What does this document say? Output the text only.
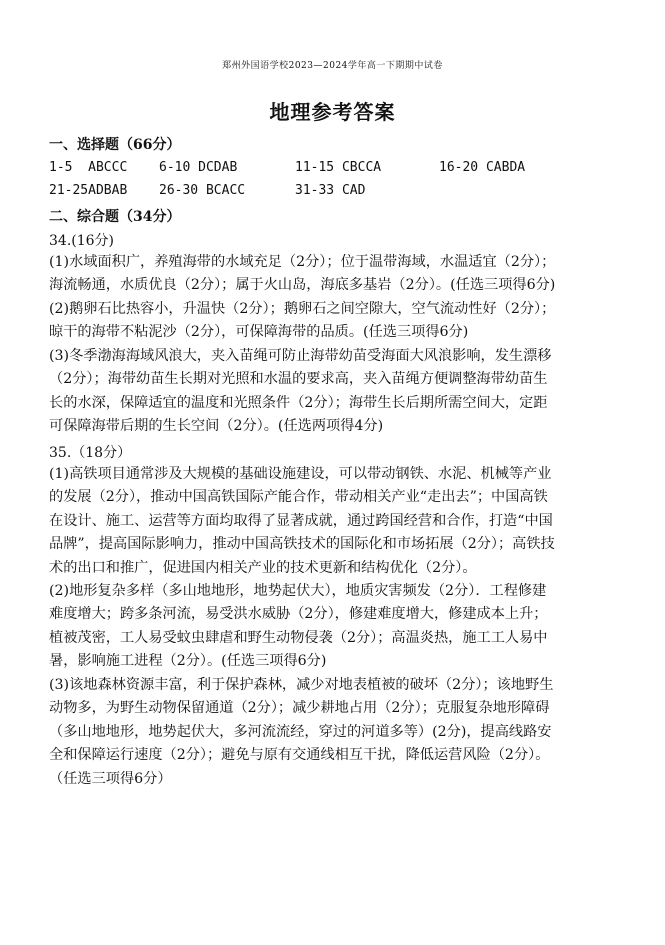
郑州外国语学校2023—2024学年高一下期期中试卷
地理参考答案
一、选择题（66分）
1-5  ABCCC 6-10 DCDAB	11-15 CBCCA	16-20 CABDA
21-25ADBAB 26-30 BCACC	31-33 CAD
二、综合题（34分）
34.(16分)
(1)水域面积广，养殖海带的水域充足（2分）；位于温带海域，水温适宜（2分）；
海流畅通，水质优良（2分）；属于火山岛，海底多基岩（2分）。(任选三项得6分)
(2)鹅卵石比热容小，升温快（2分）；鹅卵石之间空隙大，空气流动性好（2分）；
晾干的海带不粘泥沙（2分），可保障海带的品质。(任选三项得6分)
(3)冬季渤海海域风浪大，夹入苗绳可防止海带幼苗受海面大风浪影响，发生漂移
（2分）；海带幼苗生长期对光照和水温的要求高，夹入苗绳方便调整海带幼苗生
长的水深，保障适宜的温度和光照条件（2分）；海带生长后期所需空间大，定距
可保障海带后期的生长空间（2分）。(任选两项得4分)
35.（18分）
(1)高铁项目通常涉及大规模的基础设施建设，可以带动钢铁、水泥、机械等产业
的发展（2分），推动中国高铁国际产能合作，带动相关产业“走出去”；中国高铁
在设计、施工、运营等方面均取得了显著成就，通过跨国经营和合作，打造“中国
品牌”，提高国际影响力，推动中国高铁技术的国际化和市场拓展（2分）；高铁技
术的出口和推广，促进国内相关产业的技术更新和结构优化（2分）。
(2)地形复杂多样（多山地地形，地势起伏大），地质灾害频发（2分）．工程修建
难度增大；跨多条河流，易受洪水威胁（2分），修建难度增大，修建成本上升；
植被茂密，工人易受蚊虫肆虐和野生动物侵袭（2分）；高温炎热，施工工人易中
暑，影响施工进程（2分）。(任选三项得6分)
(3)该地森林资源丰富，利于保护森林，减少对地表植被的破坏（2分）；该地野生
动物多，为野生动物保留通道（2分）；减少耕地占用（2分）；克服复杂地形障碍
（多山地地形，地势起伏大，多河流流经，穿过的河道多等）(2分)，提高线路安
全和保障运行速度（2分）；避免与原有交通线相互干扰，降低运营风险（2分）。
（任选三项得6分）
